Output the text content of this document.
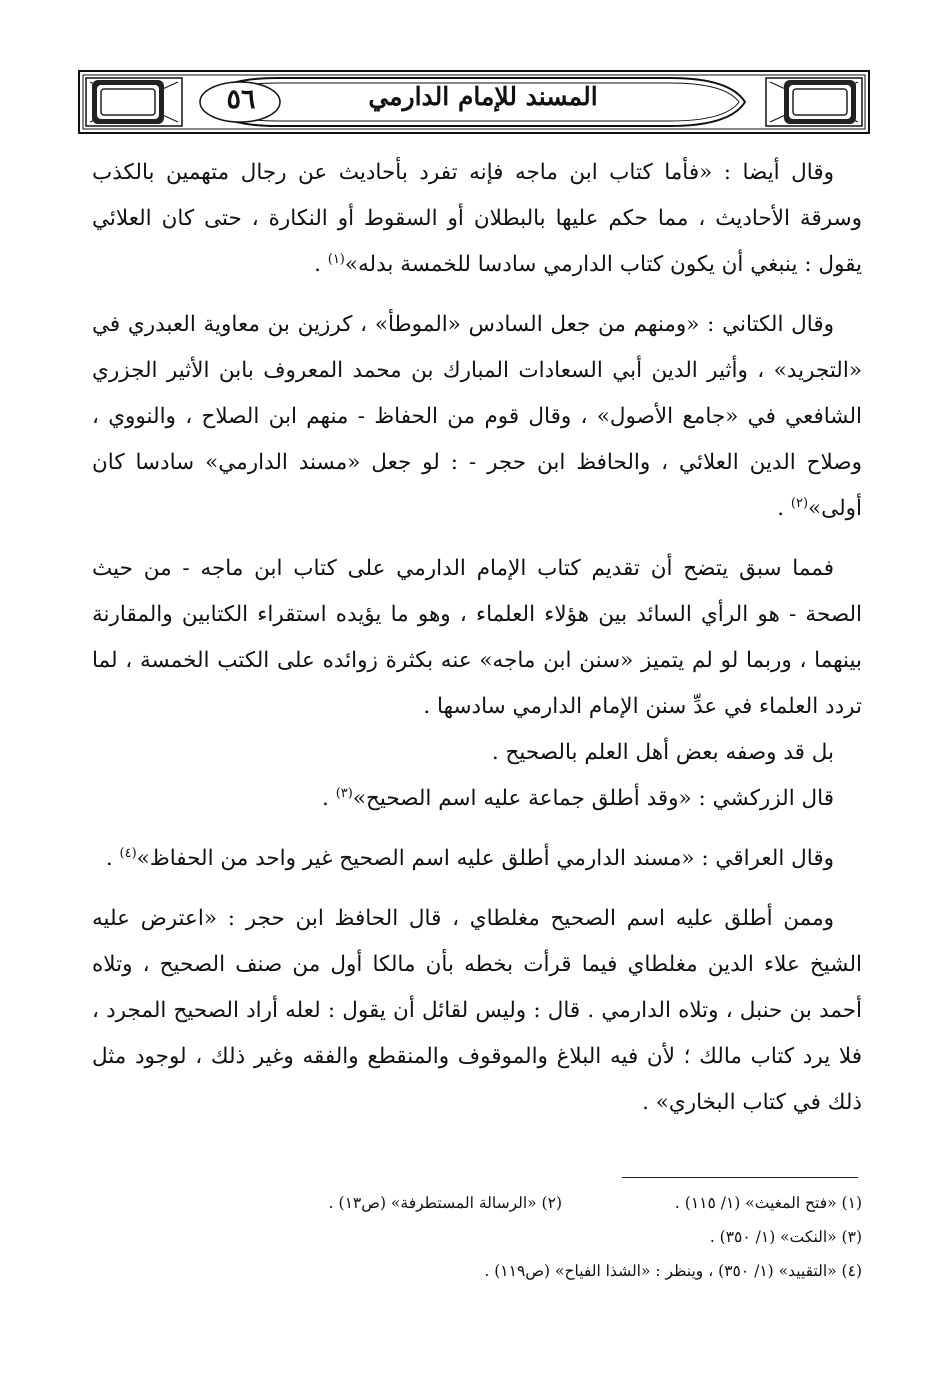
٥٦	المسند للإمام الدارمي

وقال أيضا : «فأما كتاب ابن ماجه فإنه تفرد بأحاديث عن رجال متهمين بالكذب وسرقة الأحاديث ، مما حكم عليها بالبطلان أو السقوط أو النكارة ، حتى كان العلائي يقول : ينبغي أن يكون كتاب الدارمي سادسا للخمسة بدله»$^{(١)}$ .

وقال الكتاني : «ومنهم من جعل السادس «الموطأ» ، كرزين بن معاوية العبدري في «التجريد» ، وأثير الدين أبي السعادات المبارك بن محمد المعروف بابن الأثير الجزري الشافعي في «جامع الأصول» ، وقال قوم من الحفاظ - منهم ابن الصلاح ، والنووي ، وصلاح الدين العلائي ، والحافظ ابن حجر - : لو جعل «مسند الدارمي» سادسا كان أولى»$^{(٢)}$ .

فمما سبق يتضح أن تقديم كتاب الإمام الدارمي على كتاب ابن ماجه - من حيث الصحة - هو الرأي السائد بين هؤلاء العلماء ، وهو ما يؤيده استقراء الكتابين والمقارنة بينهما ، وربما لو لم يتميز «سنن ابن ماجه» عنه بكثرة زوائده على الكتب الخمسة ، لما تردد العلماء في عدِّ سنن الإمام الدارمي سادسها .

بل قد وصفه بعض أهل العلم بالصحيح .

قال الزركشي : «وقد أطلق جماعة عليه اسم الصحيح»$^{(٣)}$ .

وقال العراقي : «مسند الدارمي أطلق عليه اسم الصحيح غير واحد من الحفاظ»$^{(٤)}$ .

وممن أطلق عليه اسم الصحيح مغلطاي ، قال الحافظ ابن حجر : «اعترض عليه الشيخ علاء الدين مغلطاي فيما قرأت بخطه بأن مالكا أول من صنف الصحيح ، وتلاه أحمد بن حنبل ، وتلاه الدارمي . قال : وليس لقائل أن يقول : لعله أراد الصحيح المجرد ، فلا يرد كتاب مالك ؛ لأن فيه البلاغ والموقوف والمنقطع والفقه وغير ذلك ، لوجود مثل ذلك في كتاب البخاري» .

(١) «فتح المغيث» (١/ ١١٥) .
(٢) «الرسالة المستطرفة» (ص١٣) .
(٣) «النكت» (١/ ٣٥٠) .
(٤) «التقييد» (١/ ٣٥٠) ، وينظر : «الشذا الفياح» (ص١١٩) .
